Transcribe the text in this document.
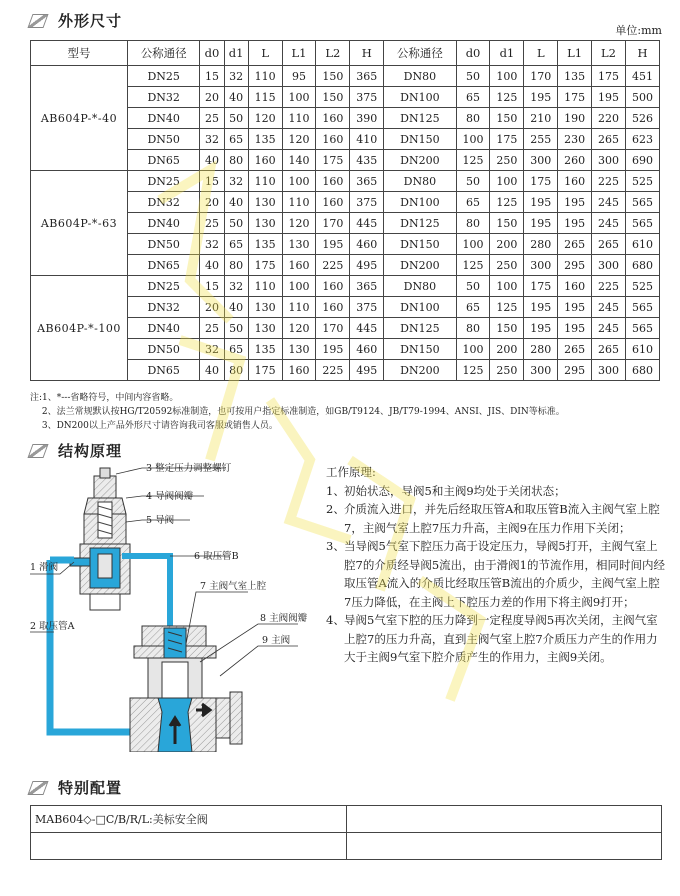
外形尺寸
单位:mm
型号	公称通径	d0	d1	L	L1	L2	H	公称通径	d0	d1	L	L1	L2	H
AB604P-*-40	DN25	15	32	110	95	150	365	DN80	50	100	170	135	175	451
	DN32	20	40	115	100	150	375	DN100	65	125	195	175	195	500
	DN40	25	50	120	110	160	390	DN125	80	150	210	190	220	526
	DN50	32	65	135	120	160	410	DN150	100	175	255	230	265	623
	DN65	40	80	160	140	175	435	DN200	125	250	300	260	300	690
AB604P-*-63	DN25	15	32	110	100	160	365	DN80	50	100	175	160	225	525
	DN32	20	40	130	110	160	375	DN100	65	125	195	195	245	565
	DN40	25	50	130	120	170	445	DN125	80	150	195	195	245	565
	DN50	32	65	135	130	195	460	DN150	100	200	280	265	265	610
	DN65	40	80	175	160	225	495	DN200	125	250	300	295	300	680
AB604P-*-100	DN25	15	32	110	100	160	365	DN80	50	100	175	160	225	525
	DN32	20	40	130	110	160	375	DN100	65	125	195	195	245	565
	DN40	25	50	130	120	170	445	DN125	80	150	195	195	245	565
	DN50	32	65	135	130	195	460	DN150	100	200	280	265	265	610
	DN65	40	80	175	160	225	495	DN200	125	250	300	295	300	680
注:1、*---省略符号，中间内容省略。
　 2、法兰常规默认按HG/T20592标准制造，也可按用户指定标准制造，如GB/T9124、JB/T79-1994、ANSI、JIS、DIN等标准。
　 3、DN200以上产品外形尺寸请咨询我司客服或销售人员。
结构原理
3 整定压力调整螺钉
4 导阀阀瓣
5 导阀
6 取压管B
1 滑阀
7 主阀气室上腔
8 主阀阀瓣
2 取压管A
9 主阀
工作原理:
1、 初始状态，导阀5和主阀9均处于关闭状态；
2、 介质流入进口，并先后经取压管A和取压管B流入主阀气室上腔7，主阀气室上腔7压力升高，主阀9在压力作用下关闭；
3、 当导阀5气室下腔压力高于设定压力，导阀5打开，主阀气室上腔7的介质经导阀5流出，由于滑阀1的节流作用，相同时间内经取压管A流入的介质比经取压管B流出的介质少，主阀气室上腔7压力降低，在主阀上下腔压力差的作用下将主阀9打开；
4、 导阀5气室下腔的压力降到一定程度导阀5再次关闭，主阀气室上腔7的压力升高，直到主阀气室上腔7介质压力产生的作用力大于主阀9气室下腔介质产生的作用力，主阀9关闭。
特别配置
MAB604◇-□C/B/R/L:美标安全阀	
